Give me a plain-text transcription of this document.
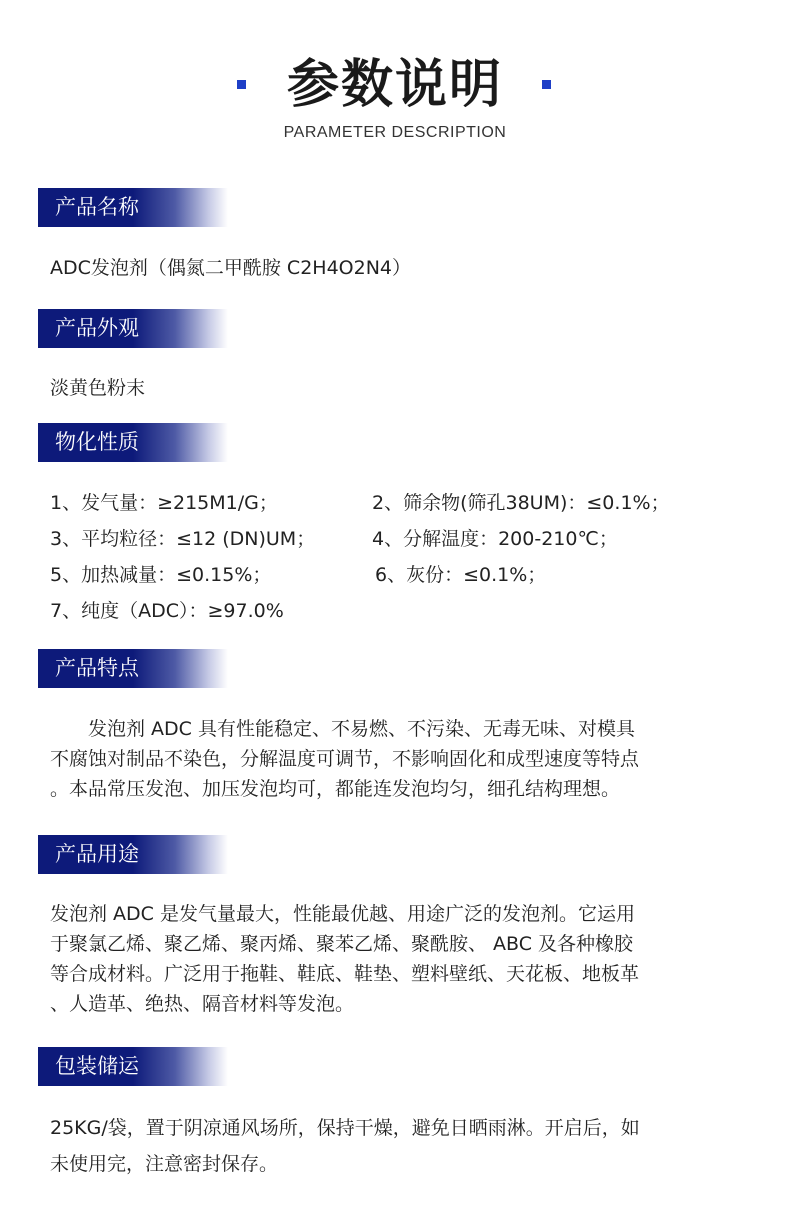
参数说明
PARAMETER DESCRIPTION
产品名称
ADC发泡剂（偶氮二甲酰胺 C2H4O2N4）
产品外观
淡黄色粉末
物化性质
1、发气量：≥215M1/G；	2、筛余物(筛孔38UM)：≤0.1%；
3、平均粒径：≤12 (DN)UM；	4、分解温度：200-210℃；
5、加热减量：≤0.15%；	6、灰份：≤0.1%；
7、纯度（ADC）：≥97.0%
产品特点
　　发泡剂 ADC 具有性能稳定、不易燃、不污染、无毒无味、对模具
不腐蚀对制品不染色，分解温度可调节，不影响固化和成型速度等特点
。本品常压发泡、加压发泡均可，都能连发泡均匀，细孔结构理想。
产品用途
发泡剂 ADC 是发气量最大，性能最优越、用途广泛的发泡剂。它运用
于聚氯乙烯、聚乙烯、聚丙烯、聚苯乙烯、聚酰胺、 ABC 及各种橡胶
等合成材料。广泛用于拖鞋、鞋底、鞋垫、塑料壁纸、天花板、地板革
、人造革、绝热、隔音材料等发泡。
包装储运
25KG/袋，置于阴凉通风场所，保持干燥，避免日晒雨淋。开启后，如
未使用完，注意密封保存。
